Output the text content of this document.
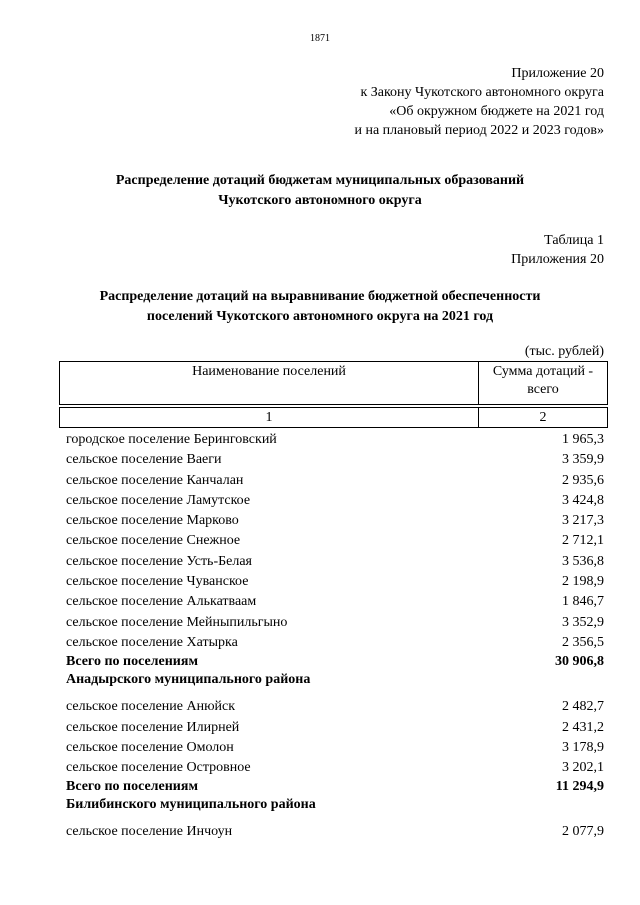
1871
Приложение 20
к Закону Чукотского автономного округа
«Об окружном бюджете на 2021 год
и на плановый период 2022 и 2023 годов»
Распределение дотаций бюджетам муниципальных образований
Чукотского автономного округа
Таблица 1
Приложения 20
Распределение дотаций на выравнивание бюджетной обеспеченности
поселений Чукотского автономного округа на 2021 год
(тыс. рублей)
Наименование поселений	Сумма дотаций -
всего
1	2
городское поселение Беринговский	1 965,3
сельское поселение Ваеги	3 359,9
сельское поселение Канчалан	2 935,6
сельское поселение Ламутское	3 424,8
сельское поселение Марково	3 217,3
сельское поселение Снежное	2 712,1
сельское поселение Усть-Белая	3 536,8
сельское поселение Чуванское	2 198,9
сельское поселение Алькатваам	1 846,7
сельское поселение Мейныпильгыно	3 352,9
сельское поселение Хатырка	2 356,5
Всего по поселениям	30 906,8
Анадырского муниципального района
сельское поселение Анюйск	2 482,7
сельское поселение Илирней	2 431,2
сельское поселение Омолон	3 178,9
сельское поселение Островное	3 202,1
Всего по поселениям	11 294,9
Билибинского муниципального района
сельское поселение Инчоун	2 077,9
